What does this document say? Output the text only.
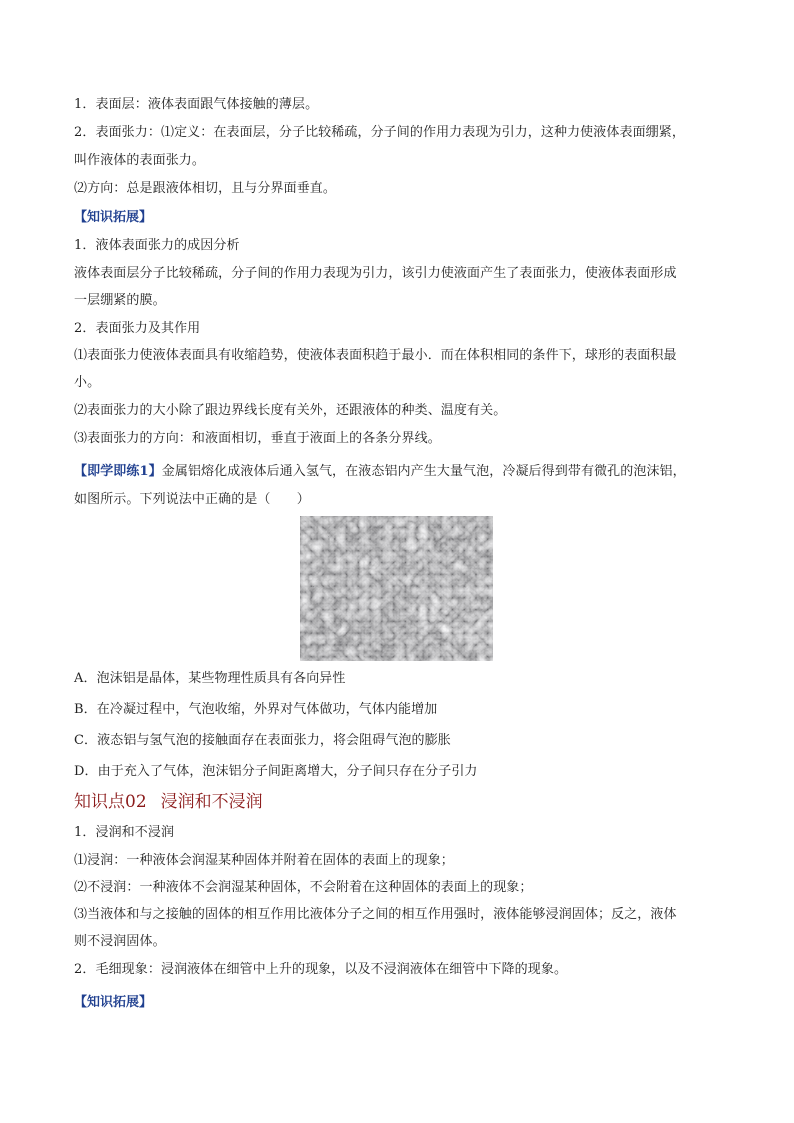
1．表面层：液体表面跟气体接触的薄层。
2．表面张力：⑴定义：在表面层，分子比较稀疏，分子间的作用力表现为引力，这种力使液体表面绷紧，
叫作液体的表面张力。
⑵方向：总是跟液体相切，且与分界面垂直。
【知识拓展】
1．液体表面张力的成因分析
液体表面层分子比较稀疏，分子间的作用力表现为引力，该引力使液面产生了表面张力，使液体表面形成
一层绷紧的膜。
2．表面张力及其作用
⑴表面张力使液体表面具有收缩趋势，使液体表面积趋于最小．而在体积相同的条件下，球形的表面积最
小。
⑵表面张力的大小除了跟边界线长度有关外，还跟液体的种类、温度有关。
⑶表面张力的方向：和液面相切，垂直于液面上的各条分界线。
【即学即练1】金属铝熔化成液体后通入氢气，在液态铝内产生大量气泡，冷凝后得到带有微孔的泡沫铝，
如图所示。下列说法中正确的是（　　）
A．泡沫铝是晶体，某些物理性质具有各向异性
B．在冷凝过程中，气泡收缩，外界对气体做功，气体内能增加
C．液态铝与氢气泡的接触面存在表面张力，将会阻碍气泡的膨胀
D．由于充入了气体，泡沫铝分子间距离增大，分子间只存在分子引力
知识点02 浸润和不浸润
1．浸润和不浸润
⑴浸润：一种液体会润湿某种固体并附着在固体的表面上的现象；
⑵不浸润：一种液体不会润湿某种固体，不会附着在这种固体的表面上的现象；
⑶当液体和与之接触的固体的相互作用比液体分子之间的相互作用强时，液体能够浸润固体；反之，液体
则不浸润固体。
2．毛细现象：浸润液体在细管中上升的现象，以及不浸润液体在细管中下降的现象。
【知识拓展】
